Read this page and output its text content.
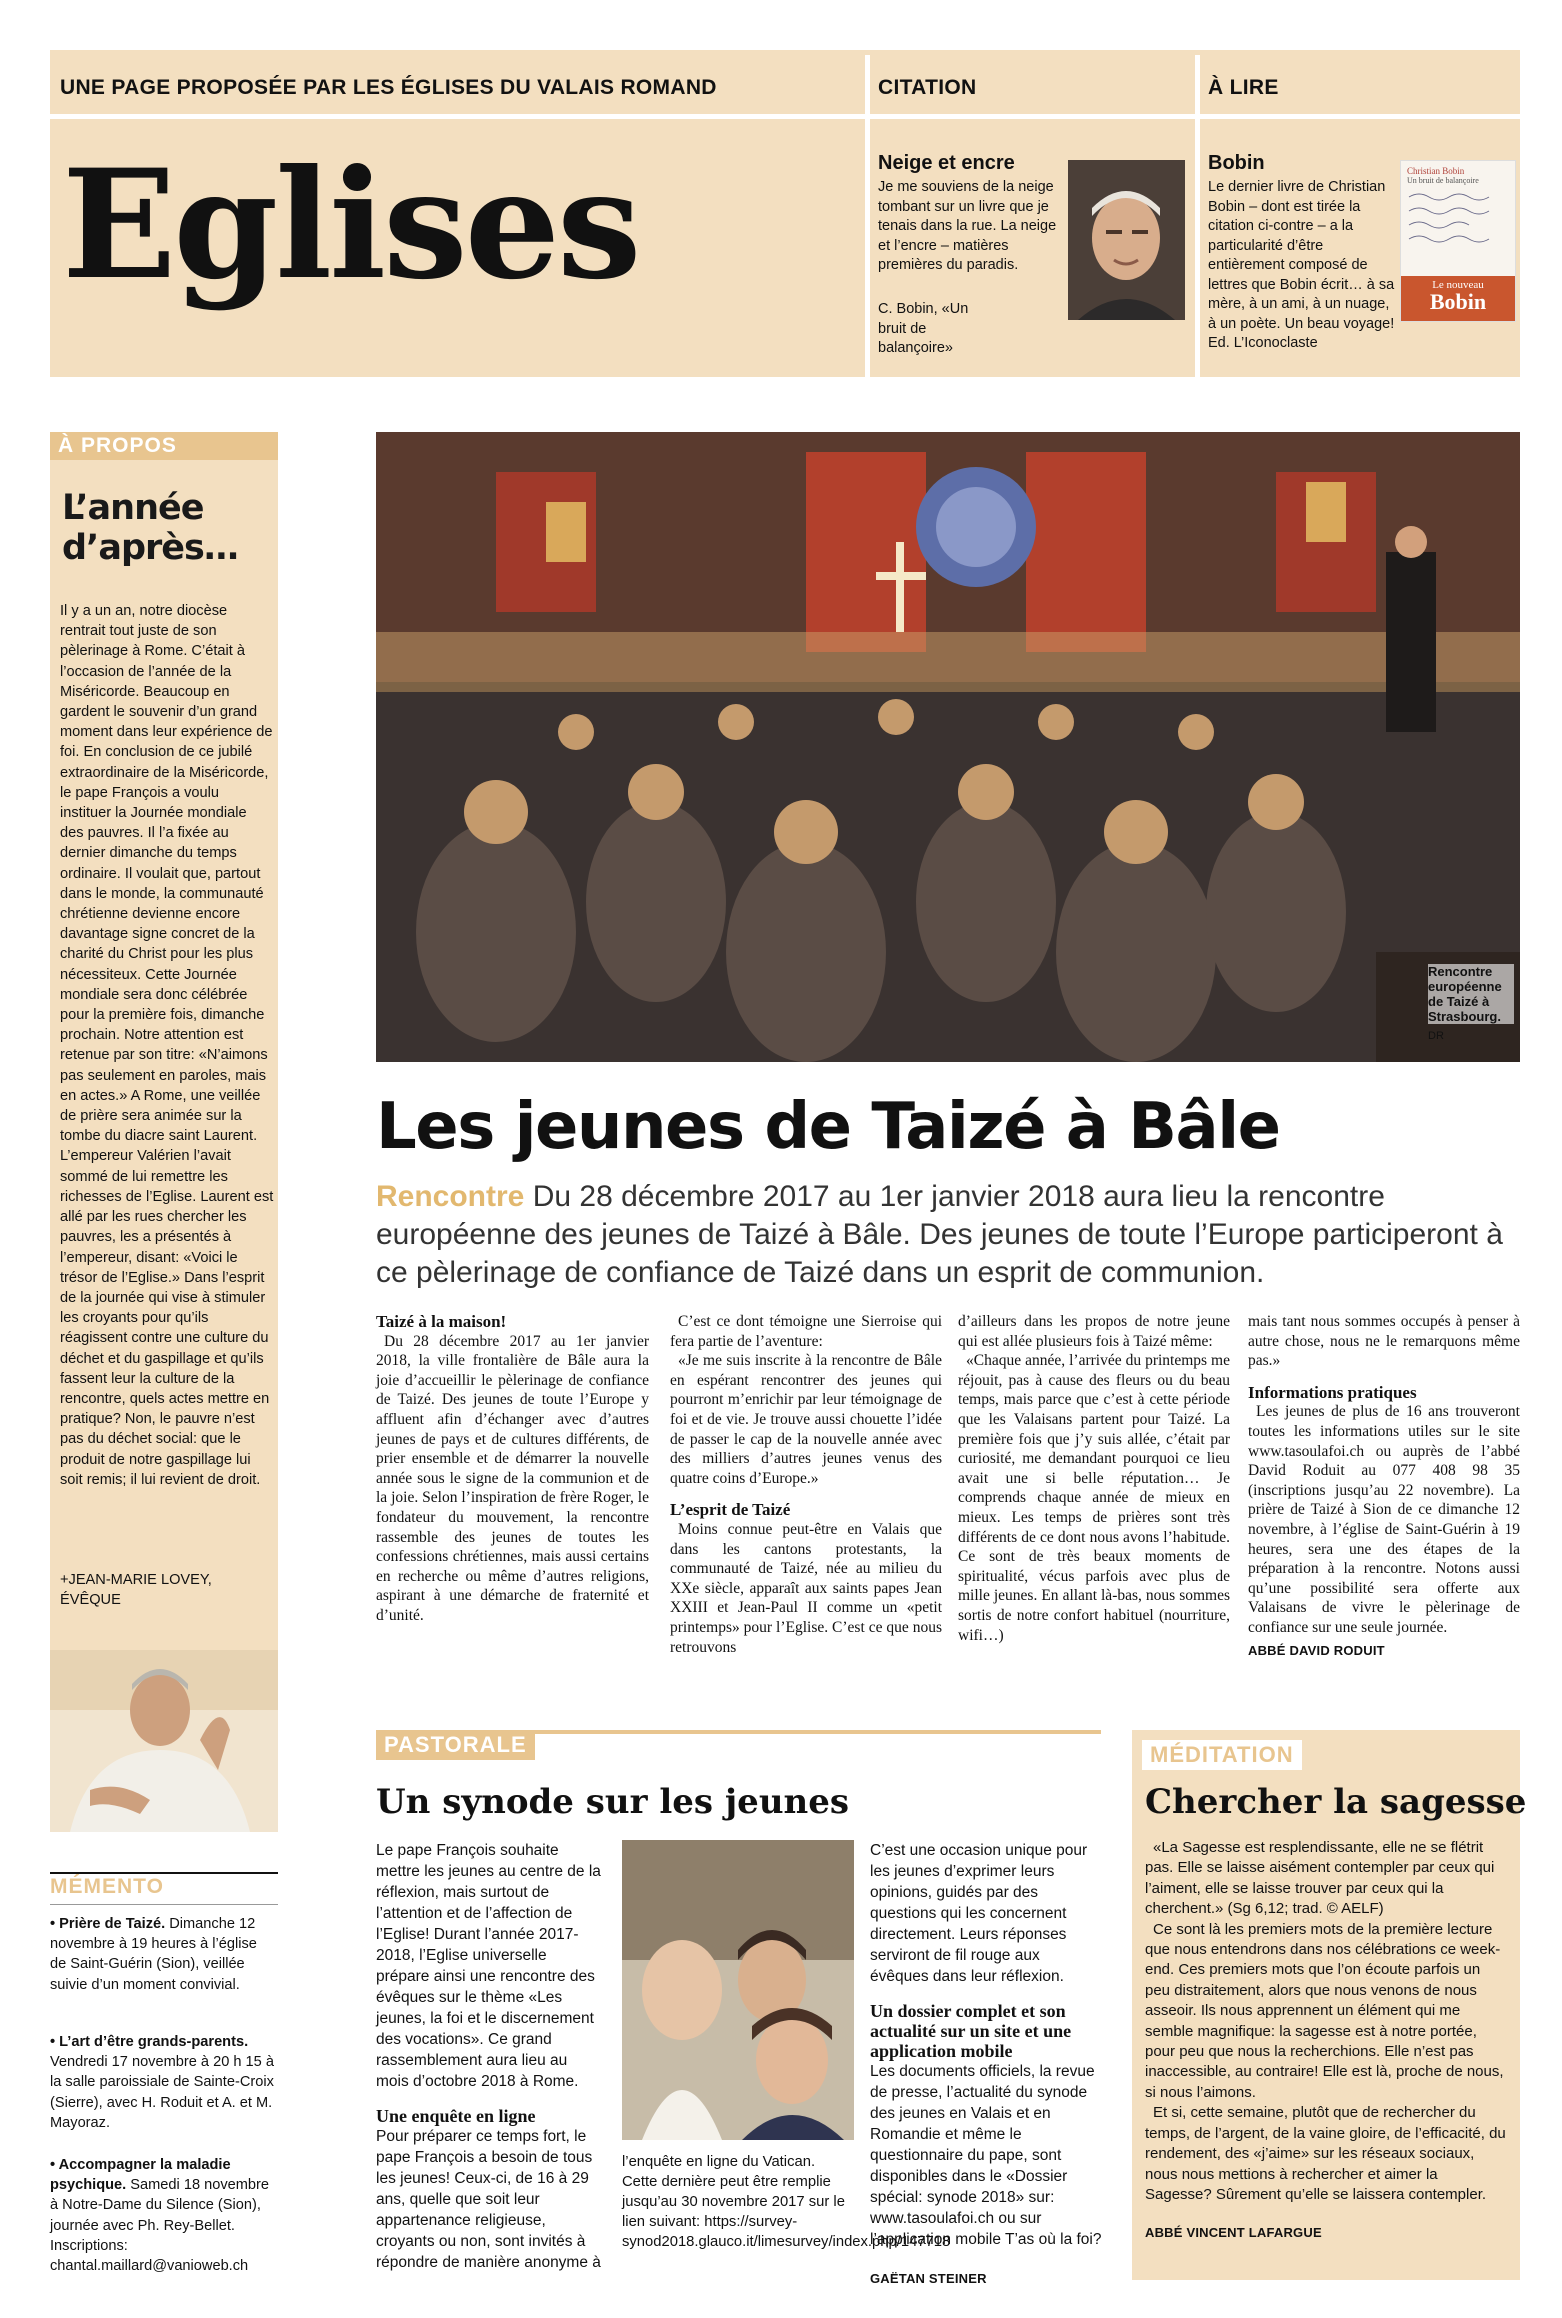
UNE PAGE PROPOSÉE PAR LES ÉGLISES DU VALAIS ROMAND	CITATION	À LIRE
Eglises	Neige et encre
Je me souviens de la neige tombant sur un livre que je tenais dans la rue. La neige et l’encre – matières premières du paradis.
C. Bobin, «Un bruit de balançoire»
Bobin
Le dernier livre de Christian Bobin – dont est tirée la citation ci-contre – a la particularité d’être entièrement composé de lettres que Bobin écrit… à sa mère, à un ami, à un nuage, à un poète. Un beau voyage! Ed. L’Iconoclaste
Christian Bobin
Un bruit de balançoire
Le nouveau
Bobin
À PROPOS
L’année d’après…
Il y a un an, notre diocèse rentrait tout juste de son pèlerinage à Rome. C’était à l’occasion de l’année de la Miséricorde. Beaucoup en gardent le souvenir d’un grand moment dans leur expérience de foi. En conclusion de ce jubilé extraordinaire de la Miséricorde, le pape François a voulu instituer la Journée mondiale des pauvres. Il l’a fixée au dernier dimanche du temps ordinaire. Il voulait que, partout dans le monde, la communauté chrétienne devienne encore davantage signe concret de la charité du Christ pour les plus nécessiteux. Cette Journée mondiale sera donc célébrée pour la première fois, dimanche prochain. Notre attention est retenue par son titre: «N’aimons pas seulement en paroles, mais en actes.» A Rome, une veillée de prière sera animée sur la tombe du diacre saint Laurent. L’empereur Valérien l’avait sommé de lui remettre les richesses de l’Eglise. Laurent est allé par les rues chercher les pauvres, les a présentés à l’empereur, disant: «Voici le trésor de l’Eglise.» Dans l’esprit de la journée qui vise à stimuler les croyants pour qu’ils réagissent contre une culture du déchet et du gaspillage et qu’ils fassent leur la culture de la rencontre, quels actes mettre en pratique? Non, le pauvre n’est pas du déchet social: que le produit de notre gaspillage lui soit remis; il lui revient de droit.
+JEAN-MARIE LOVEY, ÉVÊQUE
MÉMENTO
• Prière de Taizé. Dimanche 12 novembre à 19 heures à l’église de Saint-Guérin (Sion), veillée suivie d’un moment convivial.
• L’art d’être grands-parents. Vendredi 17 novembre à 20 h 15 à la salle paroissiale de Sainte-Croix (Sierre), avec H. Roduit et A. et M. Mayoraz.
• Accompagner la maladie psychique. Samedi 18 novembre à Notre-Dame du Silence (Sion), journée avec Ph. Rey-Bellet. Inscriptions: chantal.maillard@vanioweb.ch
Rencontre européenne de Taizé à Strasbourg.
DR
Les jeunes de Taizé à Bâle
Rencontre Du 28 décembre 2017 au 1er janvier 2018 aura lieu la rencontre européenne des jeunes de Taizé à Bâle. Des jeunes de toute l’Europe participeront à ce pèlerinage de confiance de Taizé dans un esprit de communion.

Taizé à la maison!

Du 28 décembre 2017 au 1er janvier 2018, la ville frontalière de Bâle aura la joie d’accueillir le pèlerinage de confiance de Taizé. Des jeunes de toute l’Europe y affluent afin d’échanger avec d’autres jeunes de pays et de cultures différents, de prier ensemble et de démarrer la nouvelle année sous le signe de la communion et de la joie. Selon l’inspiration de frère Roger, le fondateur du mouvement, la rencontre rassemble des jeunes de toutes les confessions chrétiennes, mais aussi certains en recherche ou même d’autres religions, aspirant à une démarche de fraternité et d’unité.

C’est ce dont témoigne une Sierroise qui fera partie de l’aventure:

«Je me suis inscrite à la rencontre de Bâle en espérant rencontrer des jeunes qui pourront m’enrichir par leur témoignage de foi et de vie. Je trouve aussi chouette l’idée de passer le cap de la nouvelle année avec des milliers d’autres jeunes venus des quatre coins d’Europe.»

L’esprit de Taizé

Moins connue peut-être en Valais que dans les cantons protestants, la communauté de Taizé, née au milieu du XXe siècle, apparaît aux saints papes Jean XXIII et Jean-Paul II comme un «petit printemps» pour l’Eglise. C’est ce que nous retrouvons

d’ailleurs dans les propos de notre jeune qui est allée plusieurs fois à Taizé même:

«Chaque année, l’arrivée du printemps me réjouit, pas à cause des fleurs ou du beau temps, mais parce que c’est à cette période que les Valaisans partent pour Taizé. La première fois que j’y suis allée, c’était par curiosité, me demandant pourquoi ce lieu avait une si belle réputation… Je comprends chaque année de mieux en mieux. Les temps de prières sont très différents de ce dont nous avons l’habitude. Ce sont de très beaux moments de spiritualité, vécus parfois avec plus de mille jeunes. En allant là-bas, nous sommes sortis de notre confort habituel (nourriture, wifi…)

mais tant nous sommes occupés à penser à autre chose, nous ne le remarquons même pas.»

Informations pratiques

Les jeunes de plus de 16 ans trouveront toutes les informations utiles sur le site www.tasoulafoi.ch ou auprès de l’abbé David Roduit au 077 408 98 35 (inscriptions jusqu’au 22 novembre). La prière de Taizé à Sion de ce dimanche 12 novembre, à l’église de Saint-Guérin à 19 heures, sera une des étapes de la préparation à la rencontre. Notons aussi qu’une possibilité sera offerte aux Valaisans de vivre le pèlerinage de confiance sur une seule journée.

ABBÉ DAVID RODUIT

PASTORALE
Un synode sur les jeunes

Le pape François souhaite mettre les jeunes au centre de la réflexion, mais surtout de l’attention et de l’affection de l’Eglise! Durant l’année 2017-2018, l’Eglise universelle prépare ainsi une rencontre des évêques sur le thème «Les jeunes, la foi et le discernement des vocations». Ce grand rassemblement aura lieu au mois d’octobre 2018 à Rome.

Une enquête en ligne

Pour préparer ce temps fort, le pape François a besoin de tous les jeunes! Ceux-ci, de 16 à 29 ans, quelle que soit leur appartenance religieuse, croyants ou non, sont invités à répondre de manière anonyme à

l’enquête en ligne du Vatican. Cette dernière peut être remplie jusqu’au 30 novembre 2017 sur le lien suivant: https://survey-synod2018.glauco.it/limesurvey/index.php/147718

C’est une occasion unique pour les jeunes d’exprimer leurs opinions, guidés par des questions qui les concernent directement. Leurs réponses serviront de fil rouge aux évêques dans leur réflexion.

Un dossier complet et son actualité sur un site et une application mobile

Les documents officiels, la revue de presse, l’actualité du synode des jeunes en Valais et en Romandie et même le questionnaire du pape, sont disponibles dans le «Dossier spécial: synode 2018» sur: www.tasoulafoi.ch ou sur l’application mobile T’as où la foi?

GAËTAN STEINER

MÉDITATION
Chercher la sagesse

«La Sagesse est resplendissante, elle ne se flétrit pas. Elle se laisse aisément contempler par ceux qui l’aiment, elle se laisse trouver par ceux qui la cherchent.» (Sg 6,12; trad. © AELF)

Ce sont là les premiers mots de la première lecture que nous entendrons dans nos célébrations ce week-end. Ces premiers mots que l’on écoute parfois un peu distraitement, alors que nous venons de nous asseoir. Ils nous apprennent un élément qui me semble magnifique: la sagesse est à notre portée, pour peu que nous la recherchions. Elle n’est pas inaccessible, au contraire! Elle est là, proche de nous, si nous l’aimons.

Et si, cette semaine, plutôt que de rechercher du temps, de l’argent, de la vaine gloire, de l’efficacité, du rendement, des «j’aime» sur les réseaux sociaux, nous nous mettions à rechercher et aimer la Sagesse? Sûrement qu’elle se laissera contempler.

ABBÉ VINCENT LAFARGUE
